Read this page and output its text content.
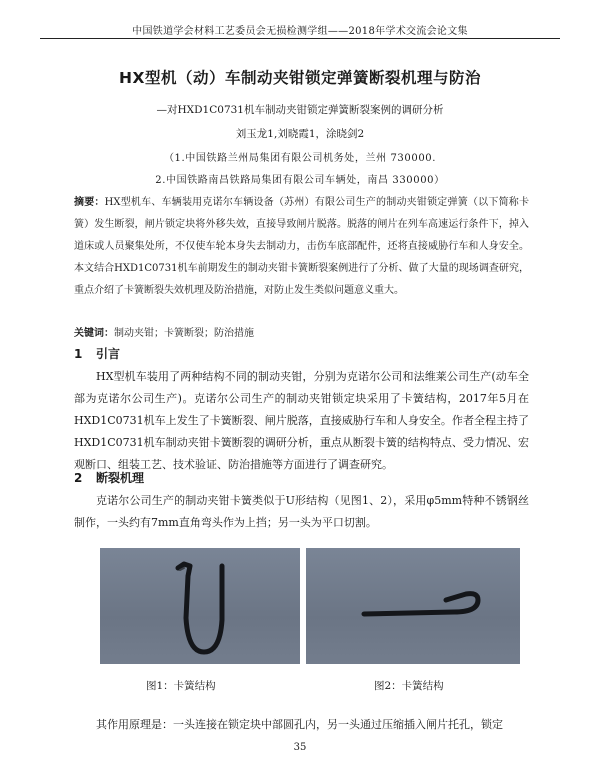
中国铁道学会材料工艺委员会无损检测学组——2018年学术交流会论文集
HX型机（动）车制动夹钳锁定弹簧断裂机理与防治
—对HXD1C0731机车制动夹钳锁定弹簧断裂案例的调研分析
刘玉龙1,刘晓霞1，涂晓剑2
（1.中国铁路兰州局集团有限公司机务处，兰州 730000.
2.中国铁路南昌铁路局集团有限公司车辆处，南昌 330000）
摘要：HX型机车、车辆装用克诺尔车辆设备（苏州）有限公司生产的制动夹钳锁定弹簧（以下简称卡簧）发生断裂，闸片锁定块将外移失效，直接导致闸片脱落。脱落的闸片在列车高速运行条件下，掉入道床或人员聚集处所，不仅使车轮本身失去制动力，击伤车底部配件，还将直接威胁行车和人身安全。本文结合HXD1C0731机车前期发生的制动夹钳卡簧断裂案例进行了分析、做了大量的现场调查研究，重点介绍了卡簧断裂失效机理及防治措施，对防止发生类似问题意义重大。
关键词：制动夹钳；卡簧断裂；防治措施
1 引言
HX型机车装用了两种结构不同的制动夹钳，分别为克诺尔公司和法维莱公司生产(动车全部为克诺尔公司生产)。克诺尔公司生产的制动夹钳锁定块采用了卡簧结构，2017年5月在HXD1C0731机车上发生了卡簧断裂、闸片脱落，直接威胁行车和人身安全。作者全程主持了HXD1C0731机车制动夹钳卡簧断裂的调研分析，重点从断裂卡簧的结构特点、受力情况、宏观断口、组装工艺、技术验证、防治措施等方面进行了调查研究。
2 断裂机理
克诺尔公司生产的制动夹钳卡簧类似于U形结构（见图1、2），采用φ5mm特种不锈钢丝制作，一头约有7mm直角弯头作为上挡；另一头为平口切割。
图1：卡簧结构	图2：卡簧结构
其作用原理是：一头连接在锁定块中部圆孔内，另一头通过压缩插入闸片托孔，锁定
35
